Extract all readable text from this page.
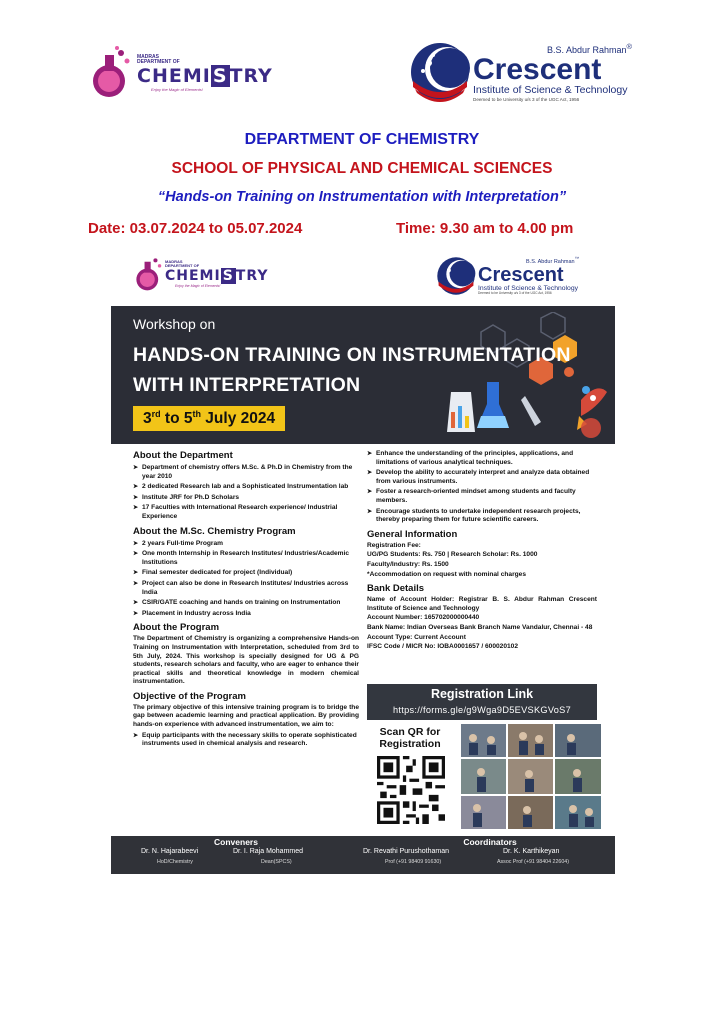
MADRAS
DEPARTMENT OF
CHEMI S TRY
Enjoy the Magic of Elements!
B.S. Abdur Rahman®
Crescent
Institute of Science & Technology
Deemed to be University u/s 3 of the UGC Act, 1956
DEPARTMENT OF CHEMISTRY
SCHOOL OF PHYSICAL AND CHEMICAL SCIENCES
“Hands-on Training on Instrumentation with Interpretation”
Date: 03.07.2024 to 05.07.2024	Time: 9.30 am to 4.00 pm
MADRAS
DEPARTMENT OF
CHEMI S TRY
Enjoy the Magic of Elements!
B.S. Abdur Rahman™
Crescent
Institute of Science & Technology
Deemed to be University u/s 3 of the UGC Act, 1956
Workshop on
HANDS-ON TRAINING ON INSTRUMENTATION
WITH INTERPRETATION
3rd to 5th July 2024
About the Department
➤ Department of chemistry offers M.Sc. & Ph.D in Chemistry from the year 2010
➤ 2 dedicated Research lab and a Sophisticated Instrumentation lab
➤ Institute JRF for Ph.D Scholars
➤ 17 Faculties with International Research experience/ Industrial Experience
About the M.Sc. Chemistry Program
➤ 2 years Full-time Program
➤ One month Internship in Research Institutes/ Industries/Academic Institutions
➤ Final semester dedicated for project (Individual)
➤ Project can also be done in Research Institutes/ Industries across India
➤ CSIR/GATE coaching and hands on training on Instrumentation
➤ Placement in Industry across India
About the Program

The Department of Chemistry is organizing a comprehensive Hands-on Training on Instrumentation with Interpretation, scheduled from 3rd to 5th July, 2024. This workshop is specially designed for UG & PG students, research scholars and faculty, who are eager to enhance their practical skills and theoretical knowledge in modern chemical instrumentation.

Objective of the Program

The primary objective of this intensive training program is to bridge the gap between academic learning and practical application. By providing hands-on experience with advanced instrumentation, we aim to:

➤ Equip participants with the necessary skills to operate sophisticated instruments used in chemical analysis and research.
➤ Enhance the understanding of the principles, applications, and limitations of various analytical techniques.
➤ Develop the ability to accurately interpret and analyze data obtained from various instruments.
➤ Foster a research-oriented mindset among students and faculty members.
➤ Encourage students to undertake independent research projects, thereby preparing them for future scientific careers.
General Information

Registration Fee:

UG/PG Students: Rs. 750 | Research Scholar: Rs. 1000

Faculty/Industry: Rs. 1500

*Accommodation on request with nominal charges

Bank Details

Name of Account Holder: Registrar B. S. Abdur Rahman Crescent Institute of Science and Technology

Account Number: 165702000000440

Bank Name: Indian Overseas Bank Branch Name Vandalur, Chennai - 48

Account Type: Current Account

IFSC Code / MICR No: IOBA0001657 / 600020102

Registration Link
https://forms.gle/g9Wga9D5EVSKGVoS7
Scan QR for Registration
Conveners
Dr. N. Hajarabeevi
HoD/Chemistry
Dr. I. Raja Mohammed
Dean(SPCS)
Coordinators
Dr. Revathi Purushothaman
Prof (+91 98409 91630)
Dr. K. Karthikeyan
Assoc Prof (+91 98404 22604)
